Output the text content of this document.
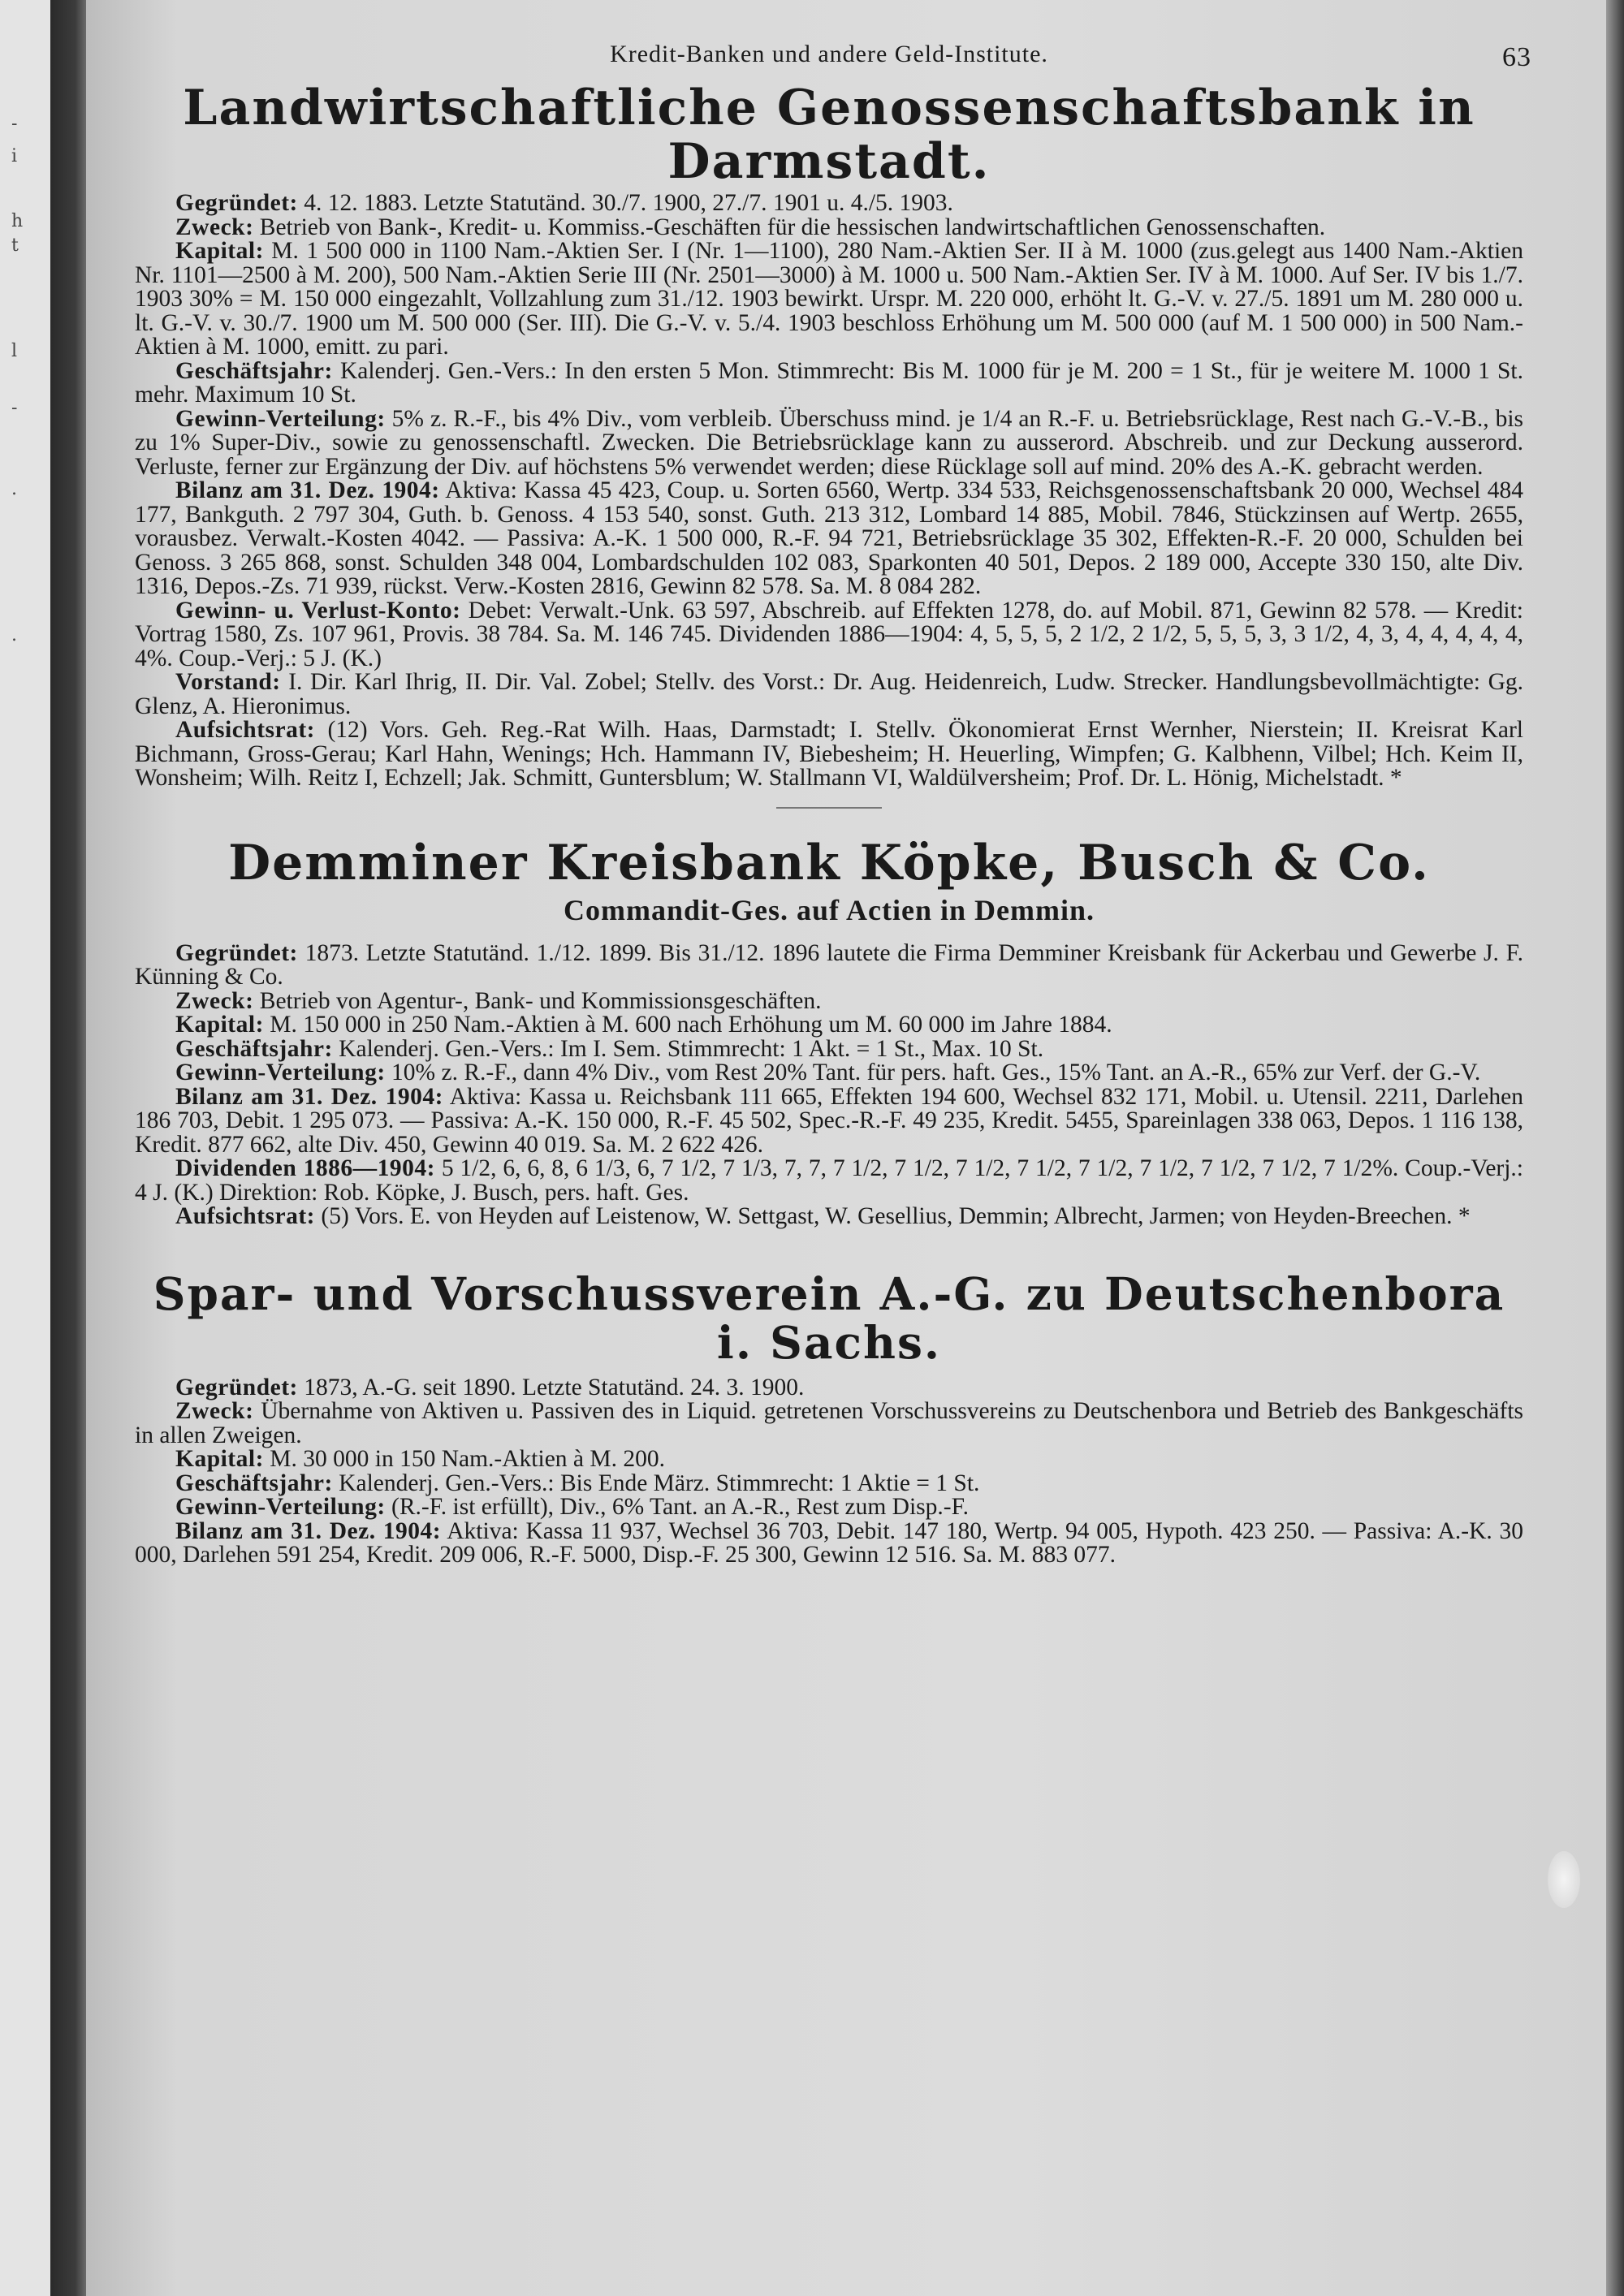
-
i
h
t
l
-
.
.
Kredit-Banken und andere Geld-Institute.	63
Landwirtschaftliche Genossenschaftsbank in Darmstadt.

Gegründet: 4. 12. 1883. Letzte Statutänd. 30./7. 1900, 27./7. 1901 u. 4./5. 1903.

Zweck: Betrieb von Bank-, Kredit- u. Kommiss.-Geschäften für die hessischen landwirtschaftlichen Genossenschaften.

Kapital: M. 1 500 000 in 1100 Nam.-Aktien Ser. I (Nr. 1—1100), 280 Nam.-Aktien Ser. II à M. 1000 (zus.gelegt aus 1400 Nam.-Aktien Nr. 1101—2500 à M. 200), 500 Nam.-Aktien Serie III (Nr. 2501—3000) à M. 1000 u. 500 Nam.-Aktien Ser. IV à M. 1000. Auf Ser. IV bis 1./7. 1903 30% = M. 150 000 eingezahlt, Vollzahlung zum 31./12. 1903 bewirkt. Urspr. M. 220 000, erhöht lt. G.-V. v. 27./5. 1891 um M. 280 000 u. lt. G.-V. v. 30./7. 1900 um M. 500 000 (Ser. III). Die G.-V. v. 5./4. 1903 beschloss Erhöhung um M. 500 000 (auf M. 1 500 000) in 500 Nam.-Aktien à M. 1000, emitt. zu pari.

Geschäftsjahr: Kalenderj. Gen.-Vers.: In den ersten 5 Mon. Stimmrecht: Bis M. 1000 für je M. 200 = 1 St., für je weitere M. 1000 1 St. mehr. Maximum 10 St.

Gewinn-Verteilung: 5% z. R.-F., bis 4% Div., vom verbleib. Überschuss mind. je 1/4 an R.-F. u. Betriebsrücklage, Rest nach G.-V.-B., bis zu 1% Super-Div., sowie zu genossenschaftl. Zwecken. Die Betriebsrücklage kann zu ausserord. Abschreib. und zur Deckung ausserord. Verluste, ferner zur Ergänzung der Div. auf höchstens 5% verwendet werden; diese Rücklage soll auf mind. 20% des A.-K. gebracht werden.

Bilanz am 31. Dez. 1904: Aktiva: Kassa 45 423, Coup. u. Sorten 6560, Wertp. 334 533, Reichsgenossenschaftsbank 20 000, Wechsel 484 177, Bankguth. 2 797 304, Guth. b. Genoss. 4 153 540, sonst. Guth. 213 312, Lombard 14 885, Mobil. 7846, Stückzinsen auf Wertp. 2655, vorausbez. Verwalt.-Kosten 4042. — Passiva: A.-K. 1 500 000, R.-F. 94 721, Betriebsrücklage 35 302, Effekten-R.-F. 20 000, Schulden bei Genoss. 3 265 868, sonst. Schulden 348 004, Lombardschulden 102 083, Sparkonten 40 501, Depos. 2 189 000, Accepte 330 150, alte Div. 1316, Depos.-Zs. 71 939, rückst. Verw.-Kosten 2816, Gewinn 82 578. Sa. M. 8 084 282.

Gewinn- u. Verlust-Konto: Debet: Verwalt.-Unk. 63 597, Abschreib. auf Effekten 1278, do. auf Mobil. 871, Gewinn 82 578. — Kredit: Vortrag 1580, Zs. 107 961, Provis. 38 784. Sa. M. 146 745. Dividenden 1886—1904: 4, 5, 5, 5, 2 1/2, 2 1/2, 5, 5, 5, 3, 3 1/2, 4, 3, 4, 4, 4, 4, 4, 4%. Coup.-Verj.: 5 J. (K.)

Vorstand: I. Dir. Karl Ihrig, II. Dir. Val. Zobel; Stellv. des Vorst.: Dr. Aug. Heidenreich, Ludw. Strecker. Handlungsbevollmächtigte: Gg. Glenz, A. Hieronimus.

Aufsichtsrat: (12) Vors. Geh. Reg.-Rat Wilh. Haas, Darmstadt; I. Stellv. Ökonomierat Ernst Wernher, Nierstein; II. Kreisrat Karl Bichmann, Gross-Gerau; Karl Hahn, Wenings; Hch. Hammann IV, Biebesheim; H. Heuerling, Wimpfen; G. Kalbhenn, Vilbel; Hch. Keim II, Wonsheim; Wilh. Reitz I, Echzell; Jak. Schmitt, Guntersblum; W. Stallmann VI, Waldülversheim; Prof. Dr. L. Hönig, Michelstadt. *

Demminer Kreisbank Köpke, Busch & Co.
Commandit-Ges. auf Actien in Demmin.

Gegründet: 1873. Letzte Statutänd. 1./12. 1899. Bis 31./12. 1896 lautete die Firma Demminer Kreisbank für Ackerbau und Gewerbe J. F. Künning & Co.

Zweck: Betrieb von Agentur-, Bank- und Kommissionsgeschäften.

Kapital: M. 150 000 in 250 Nam.-Aktien à M. 600 nach Erhöhung um M. 60 000 im Jahre 1884.

Geschäftsjahr: Kalenderj. Gen.-Vers.: Im I. Sem. Stimmrecht: 1 Akt. = 1 St., Max. 10 St.

Gewinn-Verteilung: 10% z. R.-F., dann 4% Div., vom Rest 20% Tant. für pers. haft. Ges., 15% Tant. an A.-R., 65% zur Verf. der G.-V.

Bilanz am 31. Dez. 1904: Aktiva: Kassa u. Reichsbank 111 665, Effekten 194 600, Wechsel 832 171, Mobil. u. Utensil. 2211, Darlehen 186 703, Debit. 1 295 073. — Passiva: A.-K. 150 000, R.-F. 45 502, Spec.-R.-F. 49 235, Kredit. 5455, Spareinlagen 338 063, Depos. 1 116 138, Kredit. 877 662, alte Div. 450, Gewinn 40 019. Sa. M. 2 622 426.

Dividenden 1886—1904: 5 1/2, 6, 6, 8, 6 1/3, 6, 7 1/2, 7 1/3, 7, 7, 7 1/2, 7 1/2, 7 1/2, 7 1/2, 7 1/2, 7 1/2, 7 1/2, 7 1/2, 7 1/2%. Coup.-Verj.: 4 J. (K.) Direktion: Rob. Köpke, J. Busch, pers. haft. Ges.

Aufsichtsrat: (5) Vors. E. von Heyden auf Leistenow, W. Settgast, W. Gesellius, Demmin; Albrecht, Jarmen; von Heyden-Breechen. *

Spar- und Vorschussverein A.-G. zu Deutschenbora i. Sachs.

Gegründet: 1873, A.-G. seit 1890. Letzte Statutänd. 24. 3. 1900.

Zweck: Übernahme von Aktiven u. Passiven des in Liquid. getretenen Vorschussvereins zu Deutschenbora und Betrieb des Bankgeschäfts in allen Zweigen.

Kapital: M. 30 000 in 150 Nam.-Aktien à M. 200.

Geschäftsjahr: Kalenderj. Gen.-Vers.: Bis Ende März. Stimmrecht: 1 Aktie = 1 St.

Gewinn-Verteilung: (R.-F. ist erfüllt), Div., 6% Tant. an A.-R., Rest zum Disp.-F.

Bilanz am 31. Dez. 1904: Aktiva: Kassa 11 937, Wechsel 36 703, Debit. 147 180, Wertp. 94 005, Hypoth. 423 250. — Passiva: A.-K. 30 000, Darlehen 591 254, Kredit. 209 006, R.-F. 5000, Disp.-F. 25 300, Gewinn 12 516. Sa. M. 883 077.
